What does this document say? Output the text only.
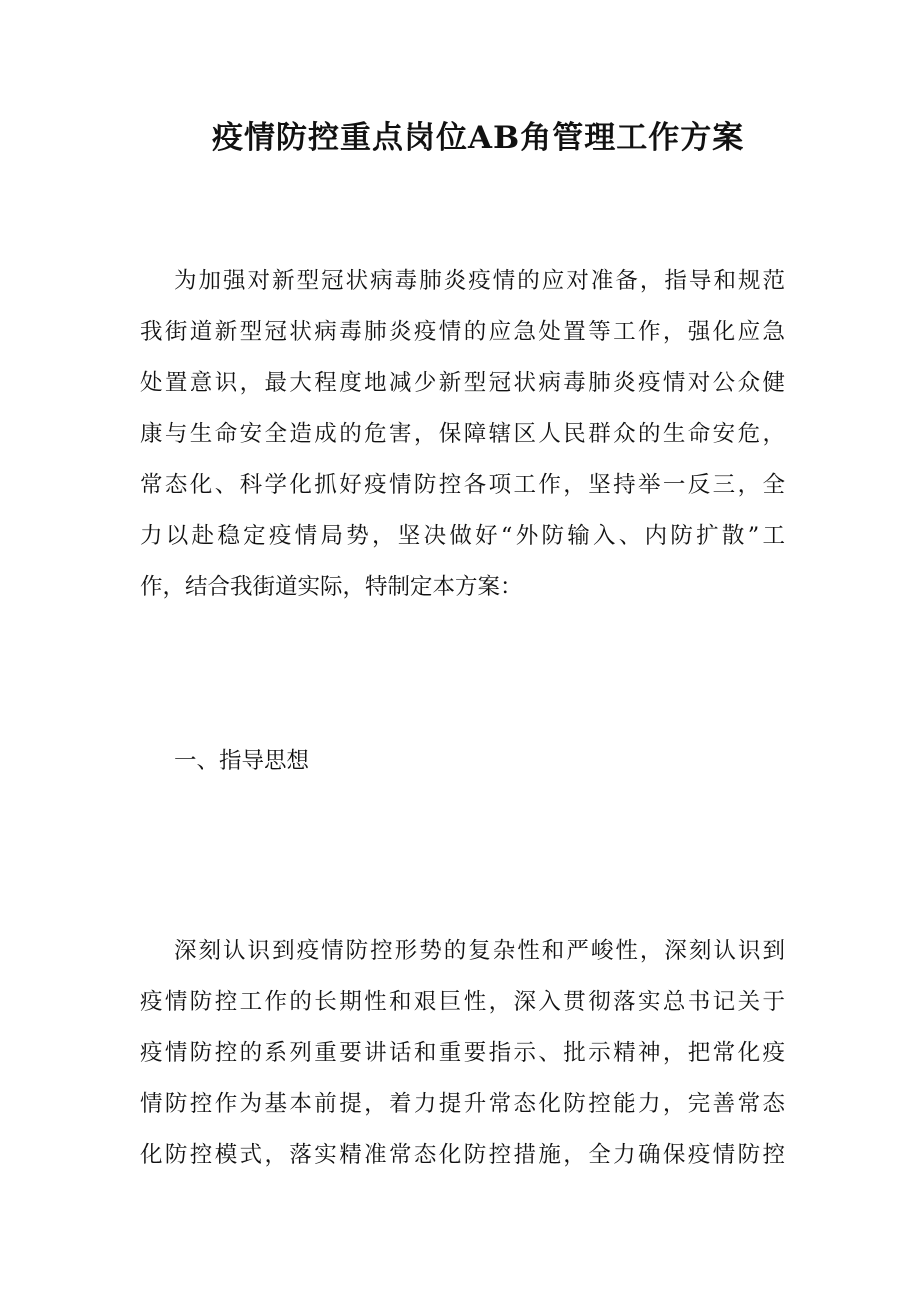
疫情防控重点岗位AB角管理工作方案
为加强对新型冠状病毒肺炎疫情的应对准备，指导和规范
我街道新型冠状病毒肺炎疫情的应急处置等工作，强化应急
处置意识，最大程度地减少新型冠状病毒肺炎疫情对公众健
康与生命安全造成的危害，保障辖区人民群众的生命安危，
常态化、科学化抓好疫情防控各项工作，坚持举一反三，全
力以赴稳定疫情局势，坚决做好“外防输入、内防扩散”工
作，结合我街道实际，特制定本方案：
一、指导思想
深刻认识到疫情防控形势的复杂性和严峻性，深刻认识到
疫情防控工作的长期性和艰巨性，深入贯彻落实总书记关于
疫情防控的系列重要讲话和重要指示、批示精神，把常化疫
情防控作为基本前提，着力提升常态化防控能力，完善常态
化防控模式，落实精准常态化防控措施，全力确保疫情防控
